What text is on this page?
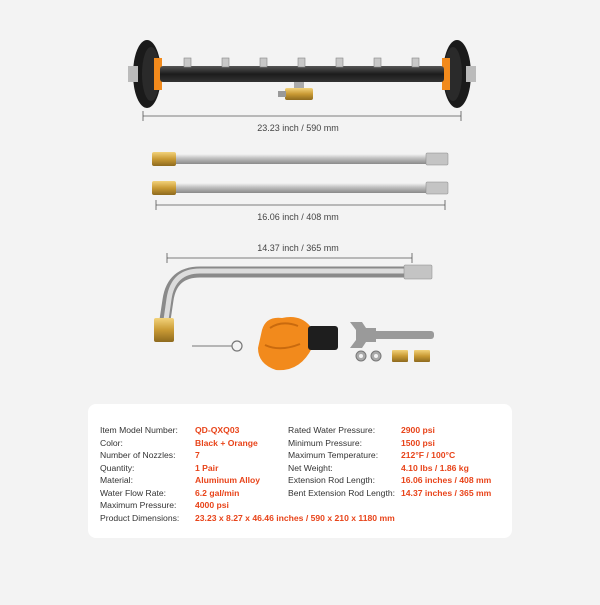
23.23 inch / 590 mm
16.06 inch / 408 mm
14.37 inch / 365 mm
Item Model Number: QD-QXQ03
Color:	Black + Orange
Number of Nozzles: 7
Quantity:	1 Pair
Material:	Aluminum Alloy
Water Flow Rate:	6.2 gal/min
Maximum Pressure: 4000 psi
Product Dimensions: 23.23 x 8.27 x 46.46 inches / 590 x 210 x 1180 mm
Rated Water Pressure:	2900 psi
Minimum Pressure:	1500 psi
Maximum Temperature:	212°F / 100°C
Net Weight:	4.10 lbs / 1.86 kg
Extension Rod Length:	16.06 inches / 408 mm
Bent Extension Rod Length: 14.37 inches / 365 mm
